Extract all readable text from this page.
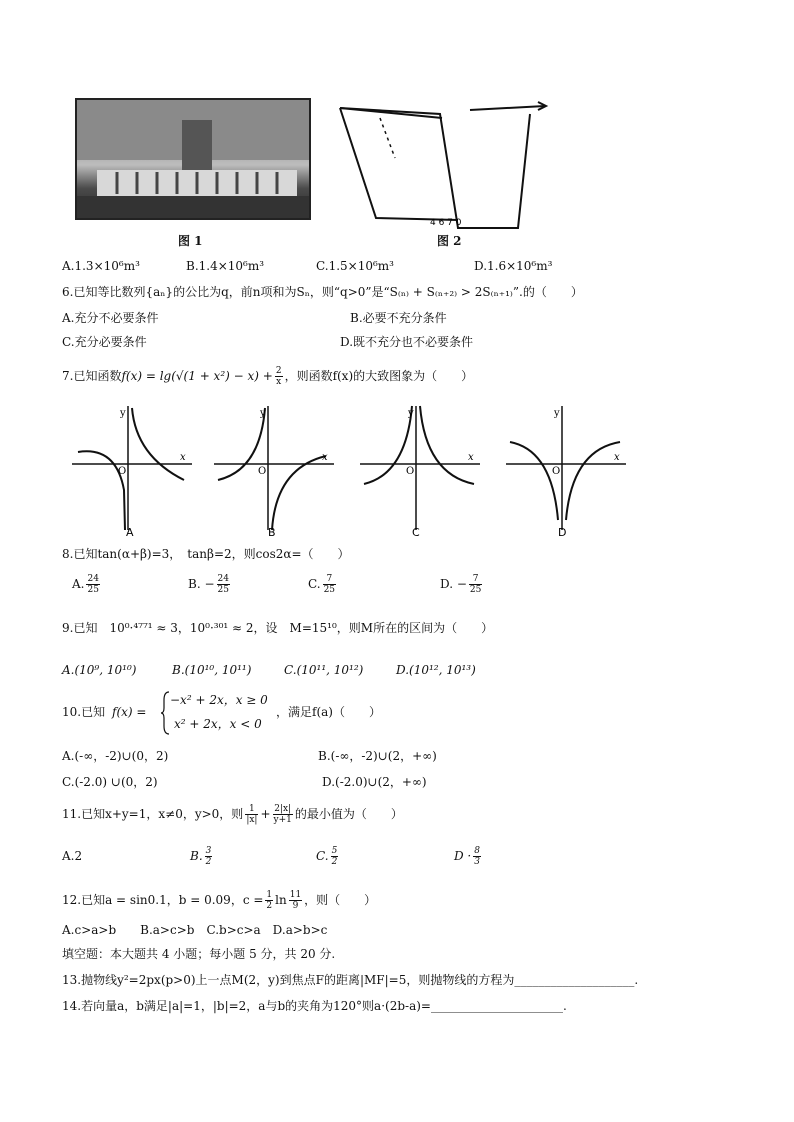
图 1
4 6 7 0
图 2
A.1.3×10⁶m³	B.1.4×10⁶m³	C.1.5×10⁶m³	D.1.6×10⁶m³
6.已知等比数列{aₙ}的公比为q，前n项和为Sₙ，则“q>0”是“S₍ₙ₎ + S₍ₙ₊₂₎ > 2S₍ₙ₊₁₎”.的（　　）
A.充分不必要条件	B.必要不充分条件
C.充分必要条件	D.既不充分也不必要条件
7.已知函数$f(x) = \lg(√(1 + x^2) - x) + \frac{2}{x}$ ，则函数f(x)的大致图象为（　　）
y
x
O
A
y
x
O
B
y
x
O
C
y
x
O
D
8.已知tan(α+β)=3，　tanβ=2，则cos2α=（　　）
A. $\frac{24}{25}$	B. − $\frac{24}{25}$	C. $\frac{7}{25}$	D. − $\frac{7}{25}$
9.已知　10⁰·⁴⁷⁷¹ ≈ 3，10⁰·³⁰¹ ≈ 2，设　M=15¹⁰，则M所在的区间为（　　）
A.(10⁹, 10¹⁰)	B.(10¹⁰, 10¹¹)	C.(10¹¹, 10¹²)	D.(10¹², 10¹³)
10.已知 f(x) =
−x² + 2x，x ≥ 0
x² + 2x，x < 0
，满足f(a)（　　）
A.(-∞，-2)∪(0，2)	B.(-∞，-2)∪(2，+∞)
C.(-2.0) ∪(0，2)	D.(-2.0)∪(2，+∞)
11.已知x+y=1，x≠0，y>0，则 $\frac{1}{|x|} + \frac{2|x|}{y+1}$ 的最小值为（　　）
A.2	B. $\frac{3}{2}$	C. $\frac{5}{2}$	$D \cdot \frac{8}{3}$
12.已知a = sin0.1，b = 0.09，$c = \frac{1}{2}$ $\ln \frac{11}{9}$ ，则（　　）
A.c>a>b　　B.a>c>b　C.b>c>a　D.a>b>c
填空题：本大题共 4 小题；每小题 5 分，共 20 分.
13.抛物线y²=2px(p>0)上一点M(2，y)到焦点F的距离|MF|=5，则抛物线的方程为____________________.
14.若向量a，b满足|a|=1，|b|=2，a与b的夹角为120°则a·(2b-a)=______________________.
